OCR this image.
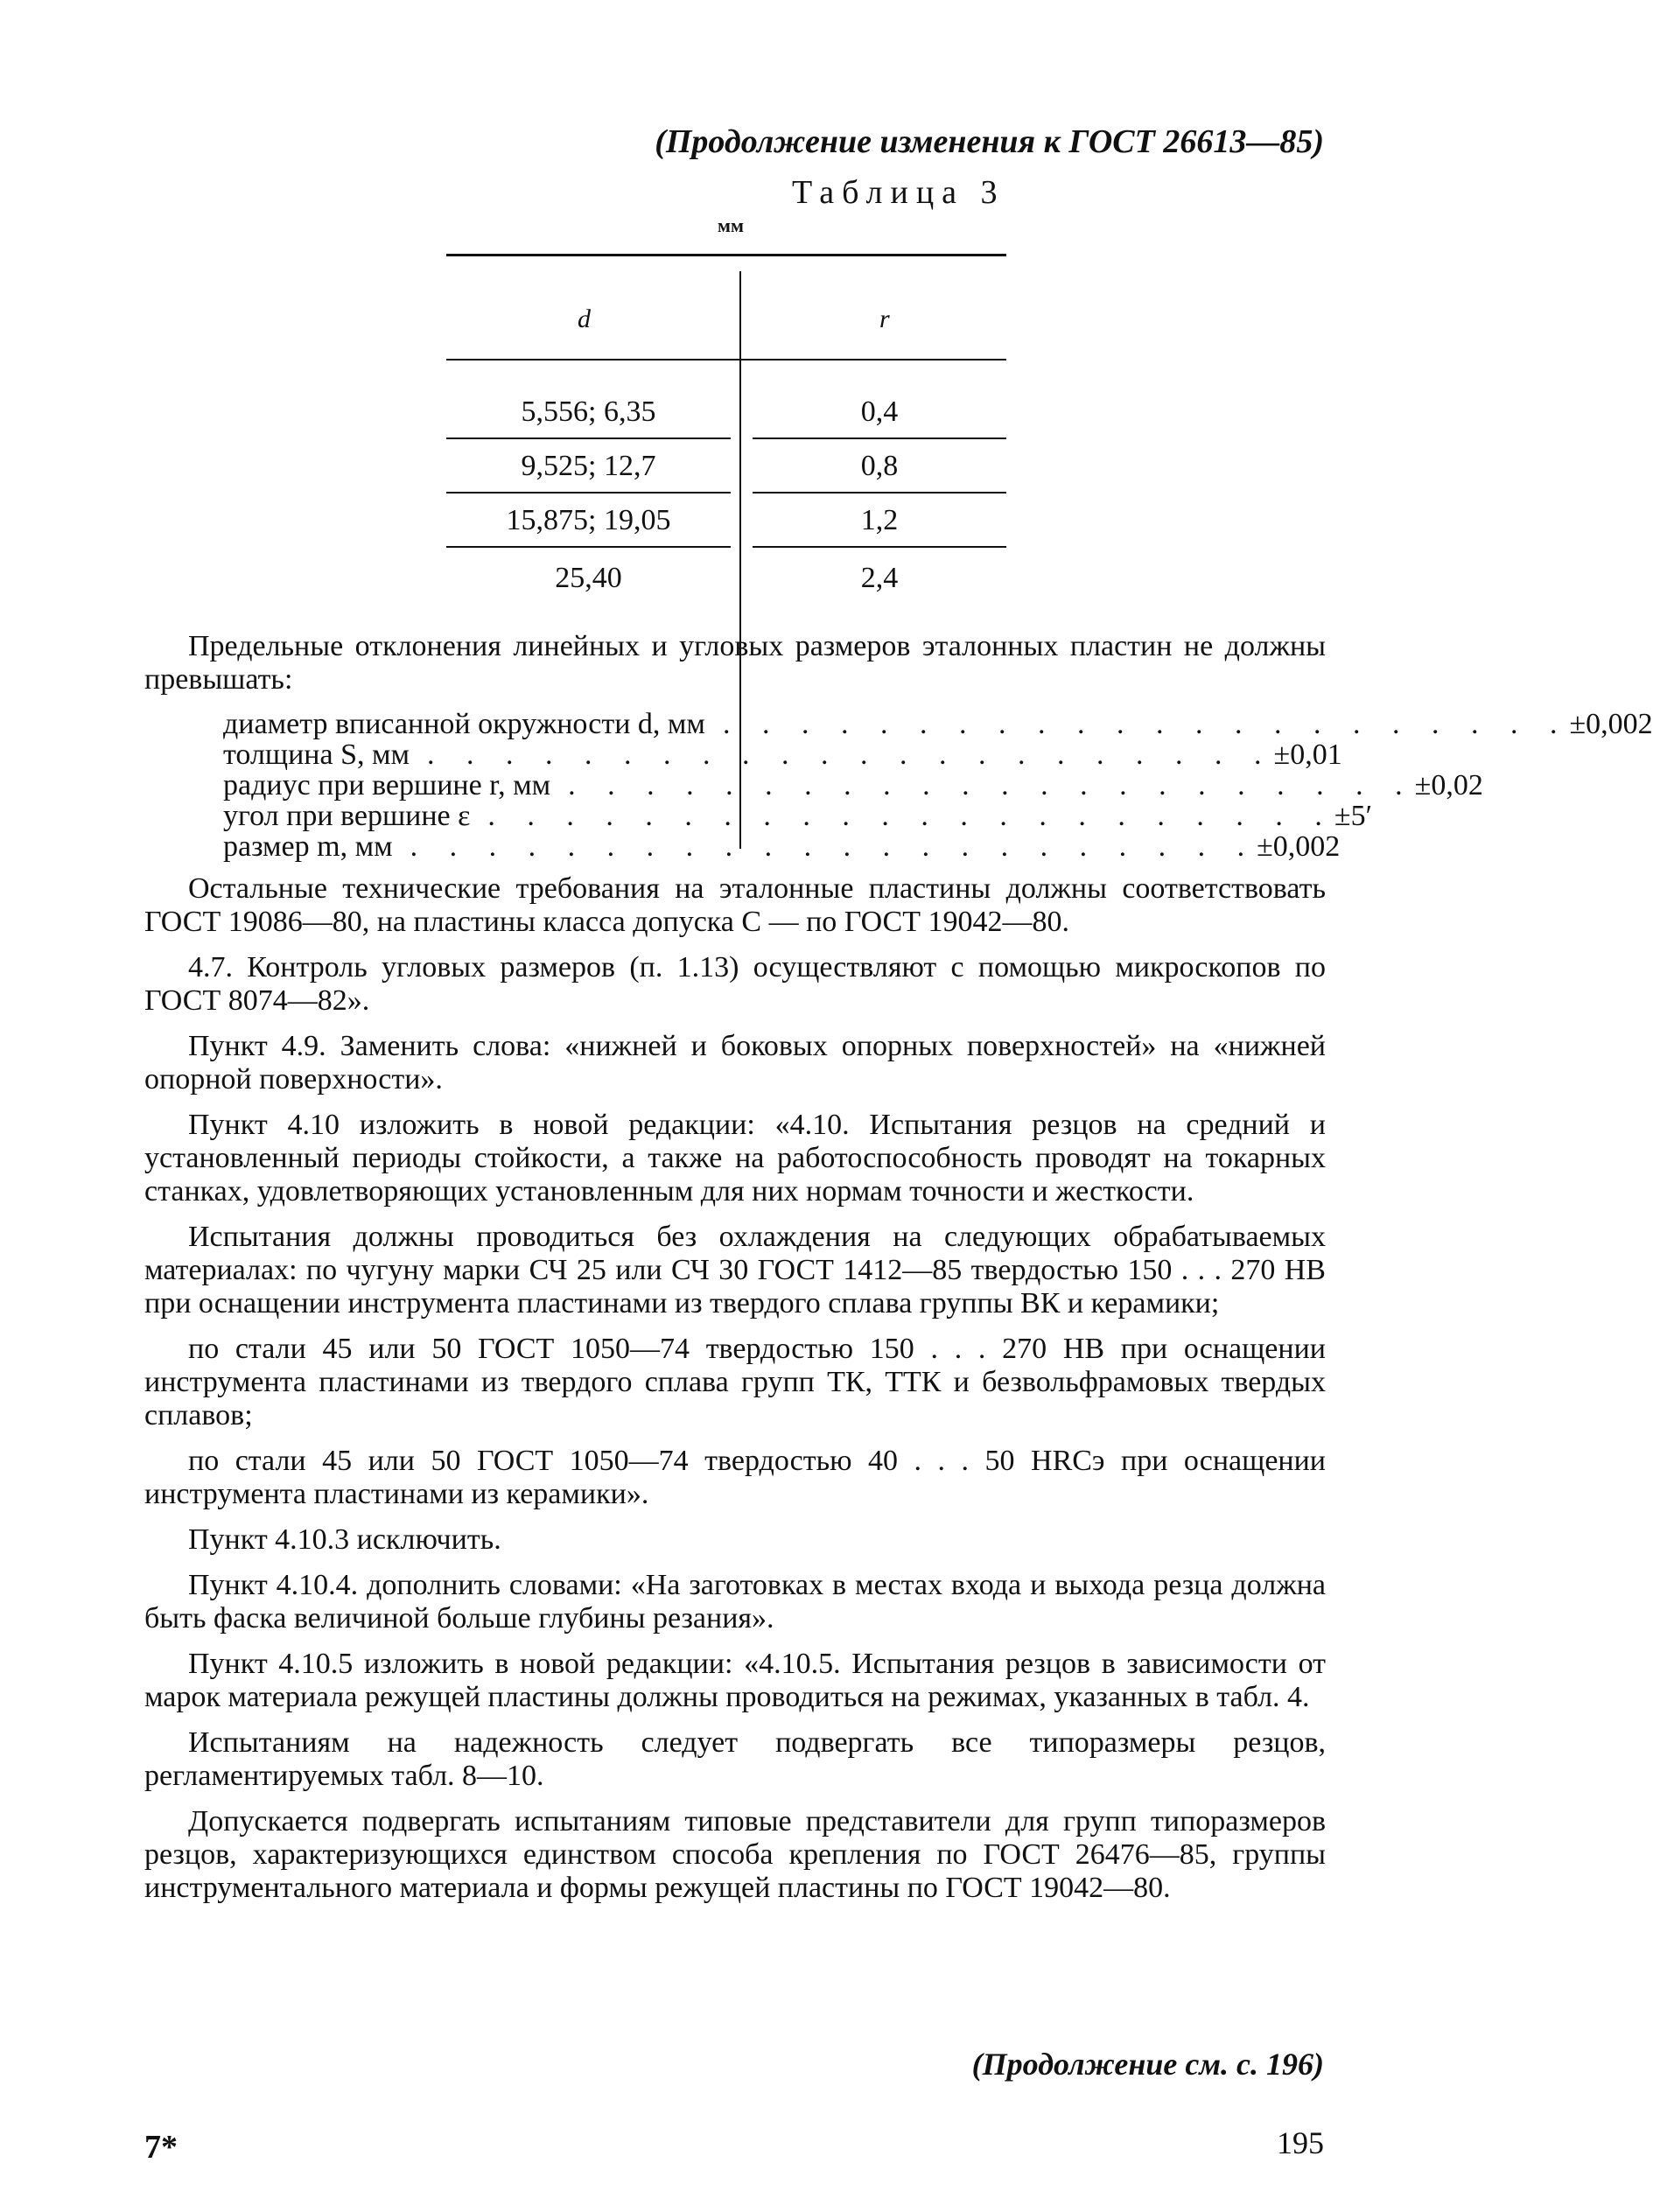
(Продолжение изменения к ГОСТ 26613—85)
Таблица 3
мм
d	r
5,556; 6,35	0,4
9,525; 12,7	0,8
15,875; 19,05	1,2
25,40	2,4

Предельные отклонения линейных и угловых размеров эталонных пластин не должны превышать:

диаметр вписанной окружности d, мм . . . . . . . . . . . . . . . . . . . . . . ±0,002
толщина S, мм . . . . . . . . . . . . . . . . . . . . . . ±0,01
радиус при вершине r, мм . . . . . . . . . . . . . . . . . . . . . . ±0,02
угол при вершине ε . . . . . . . . . . . . . . . . . . . . . . ±5′
размер m, мм . . . . . . . . . . . . . . . . . . . . . . ±0,002

Остальные технические требования на эталонные пластины должны соответствовать ГОСТ 19086—80, на пластины класса допуска С — по ГОСТ 19042—80.

4.7. Контроль угловых размеров (п. 1.13) осуществляют с помощью микроскопов по ГОСТ 8074—82».

Пункт 4.9. Заменить слова: «нижней и боковых опорных поверхностей» на «нижней опорной поверхности».

Пункт 4.10 изложить в новой редакции: «4.10. Испытания резцов на средний и установленный периоды стойкости, а также на работоспособность проводят на токарных станках, удовлетворяющих установленным для них нормам точности и жесткости.

Испытания должны проводиться без охлаждения на следующих обрабатываемых материалах: по чугуну марки СЧ 25 или СЧ 30 ГОСТ 1412—85 твердостью 150 . . . 270 НВ при оснащении инструмента пластинами из твердого сплава группы ВК и керамики;

по стали 45 или 50 ГОСТ 1050—74 твердостью 150 . . . 270 НВ при оснащении инструмента пластинами из твердого сплава групп ТК, ТТК и безвольфрамовых твердых сплавов;

по стали 45 или 50 ГОСТ 1050—74 твердостью 40 . . . 50 HRCэ при оснащении инструмента пластинами из керамики».

Пункт 4.10.3 исключить.

Пункт 4.10.4. дополнить словами: «На заготовках в местах входа и выхода резца должна быть фаска величиной больше глубины резания».

Пункт 4.10.5 изложить в новой редакции: «4.10.5. Испытания резцов в зависимости от марок материала режущей пластины должны проводиться на режимах, указанных в табл. 4.

Испытаниям на надежность следует подвергать все типоразмеры резцов, регламентируемых табл. 8—10.

Допускается подвергать испытаниям типовые представители для групп типоразмеров резцов, характеризующихся единством способа крепления по ГОСТ 26476—85, группы инструментального материала и формы режущей пластины по ГОСТ 19042—80.

(Продолжение см. с. 196)
7*	195
